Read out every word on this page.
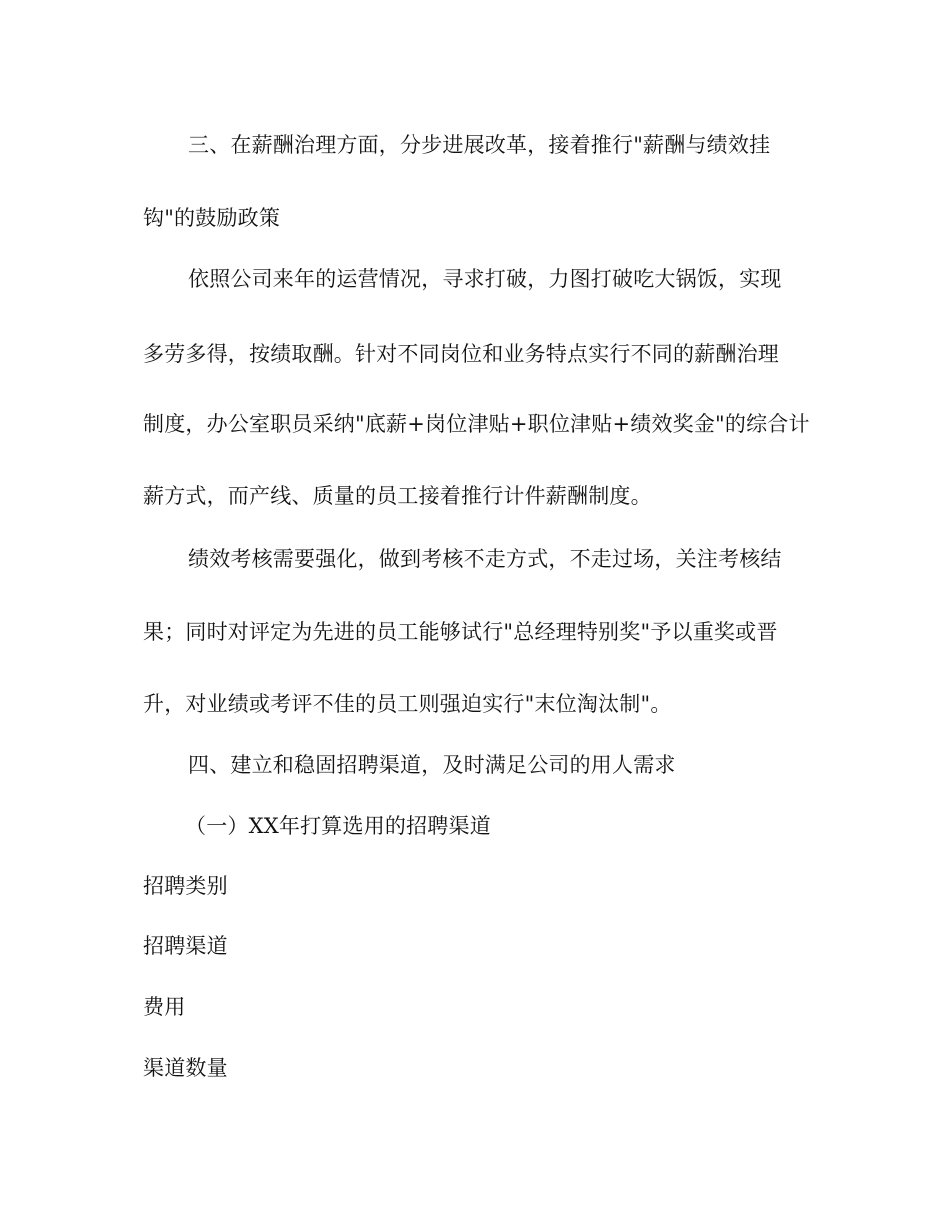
三、在薪酬治理方面，分步进展改革，接着推行"薪酬与绩效挂
钩"的鼓励政策
依照公司来年的运营情况，寻求打破，力图打破吃大锅饭，实现
多劳多得，按绩取酬。针对不同岗位和业务特点实行不同的薪酬治理
制度，办公室职员采纳"底薪+岗位津贴+职位津贴+绩效奖金"的综合计
薪方式，而产线、质量的员工接着推行计件薪酬制度。
绩效考核需要强化，做到考核不走方式，不走过场，关注考核结
果；同时对评定为先进的员工能够试行"总经理特别奖"予以重奖或晋
升，对业绩或考评不佳的员工则强迫实行"末位淘汰制"。
四、建立和稳固招聘渠道，及时满足公司的用人需求
（一）XX年打算选用的招聘渠道
招聘类别
招聘渠道
费用
渠道数量
